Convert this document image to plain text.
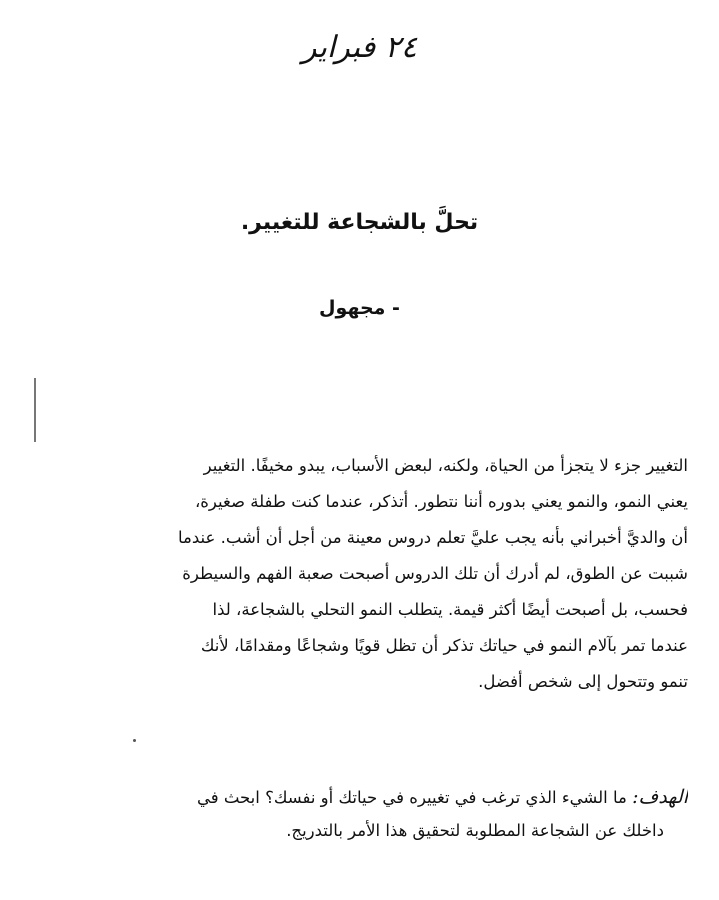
٢٤ فبراير
تحلَّ بالشجاعة للتغيير.
- مجهول
التغيير جزء لا يتجزأ من الحياة، ولكنه، لبعض الأسباب، يبدو مخيفًا. التغيير
يعني النمو، والنمو يعني بدوره أننا نتطور. أتذكر، عندما كنت طفلة صغيرة،
أن والديَّ أخبراني بأنه يجب عليَّ تعلم دروس معينة من أجل أن أشب. عندما
شببت عن الطوق، لم أدرك أن تلك الدروس أصبحت صعبة الفهم والسيطرة
فحسب، بل أصبحت أيضًا أكثر قيمة. يتطلب النمو التحلي بالشجاعة، لذا
عندما تمر بآلام النمو في حياتك تذكر أن تظل قويًا وشجاعًا ومقدامًا، لأنك
تنمو وتتحول إلى شخص أفضل.
الهدف: ما الشيء الذي ترغب في تغييره في حياتك أو نفسك؟ ابحث في
داخلك عن الشجاعة المطلوبة لتحقيق هذا الأمر بالتدريج.
